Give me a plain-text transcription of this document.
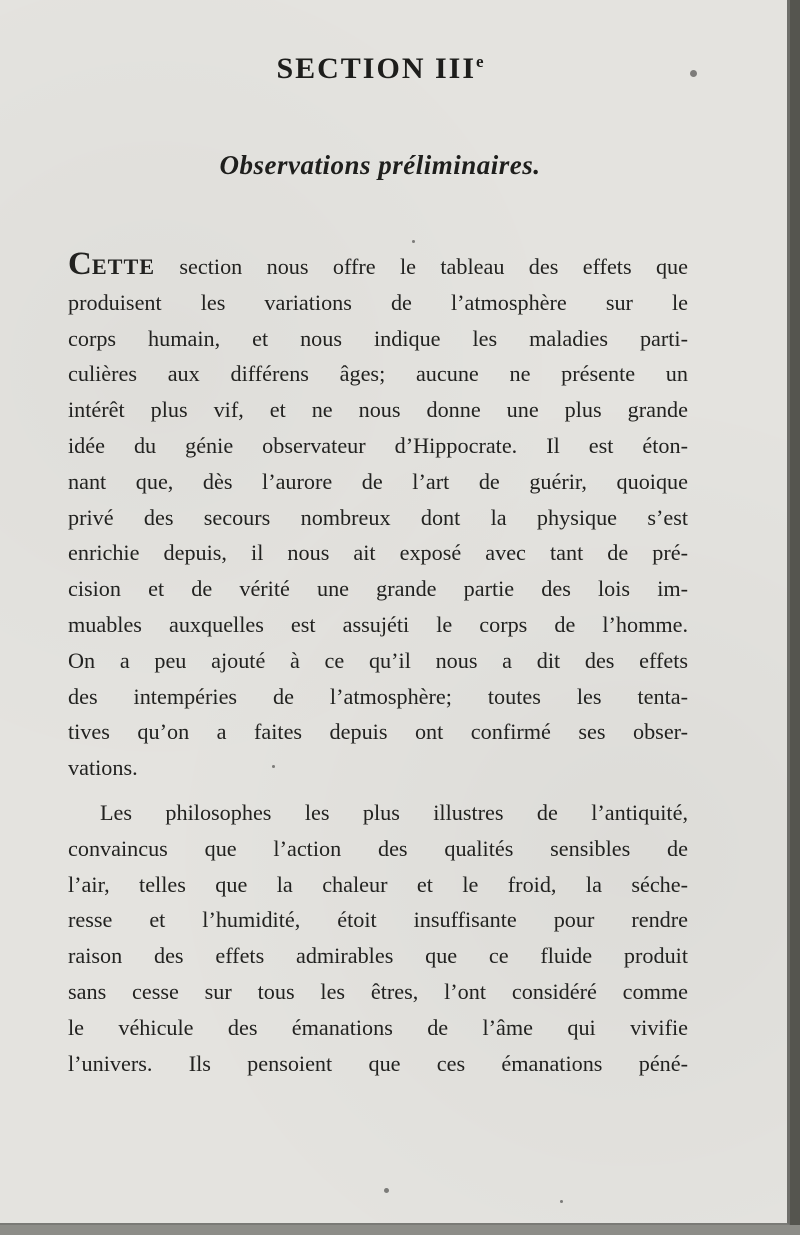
SECTION IIIe
Observations préliminaires.
CETTE section nous offre le tableau des effets que
produisent les variations de l’atmosphère sur le
corps humain, et nous indique les maladies parti-
culières aux différens âges; aucune ne présente un
intérêt plus vif, et ne nous donne une plus grande
idée du génie observateur d’Hippocrate. Il est éton-
nant que, dès l’aurore de l’art de guérir, quoique
privé des secours nombreux dont la physique s’est
enrichie depuis, il nous ait exposé avec tant de pré-
cision et de vérité une grande partie des lois im-
muables auxquelles est assujéti le corps de l’homme.
On a peu ajouté à ce qu’il nous a dit des effets
des intempéries de l’atmosphère; toutes les tenta-
tives qu’on a faites depuis ont confirmé ses obser-
vations.
Les philosophes les plus illustres de l’antiquité,
convaincus que l’action des qualités sensibles de
l’air, telles que la chaleur et le froid, la séche-
resse et l’humidité, étoit insuffisante pour rendre
raison des effets admirables que ce fluide produit
sans cesse sur tous les êtres, l’ont considéré comme
le véhicule des émanations de l’âme qui vivifie
l’univers. Ils pensoient que ces émanations péné-
